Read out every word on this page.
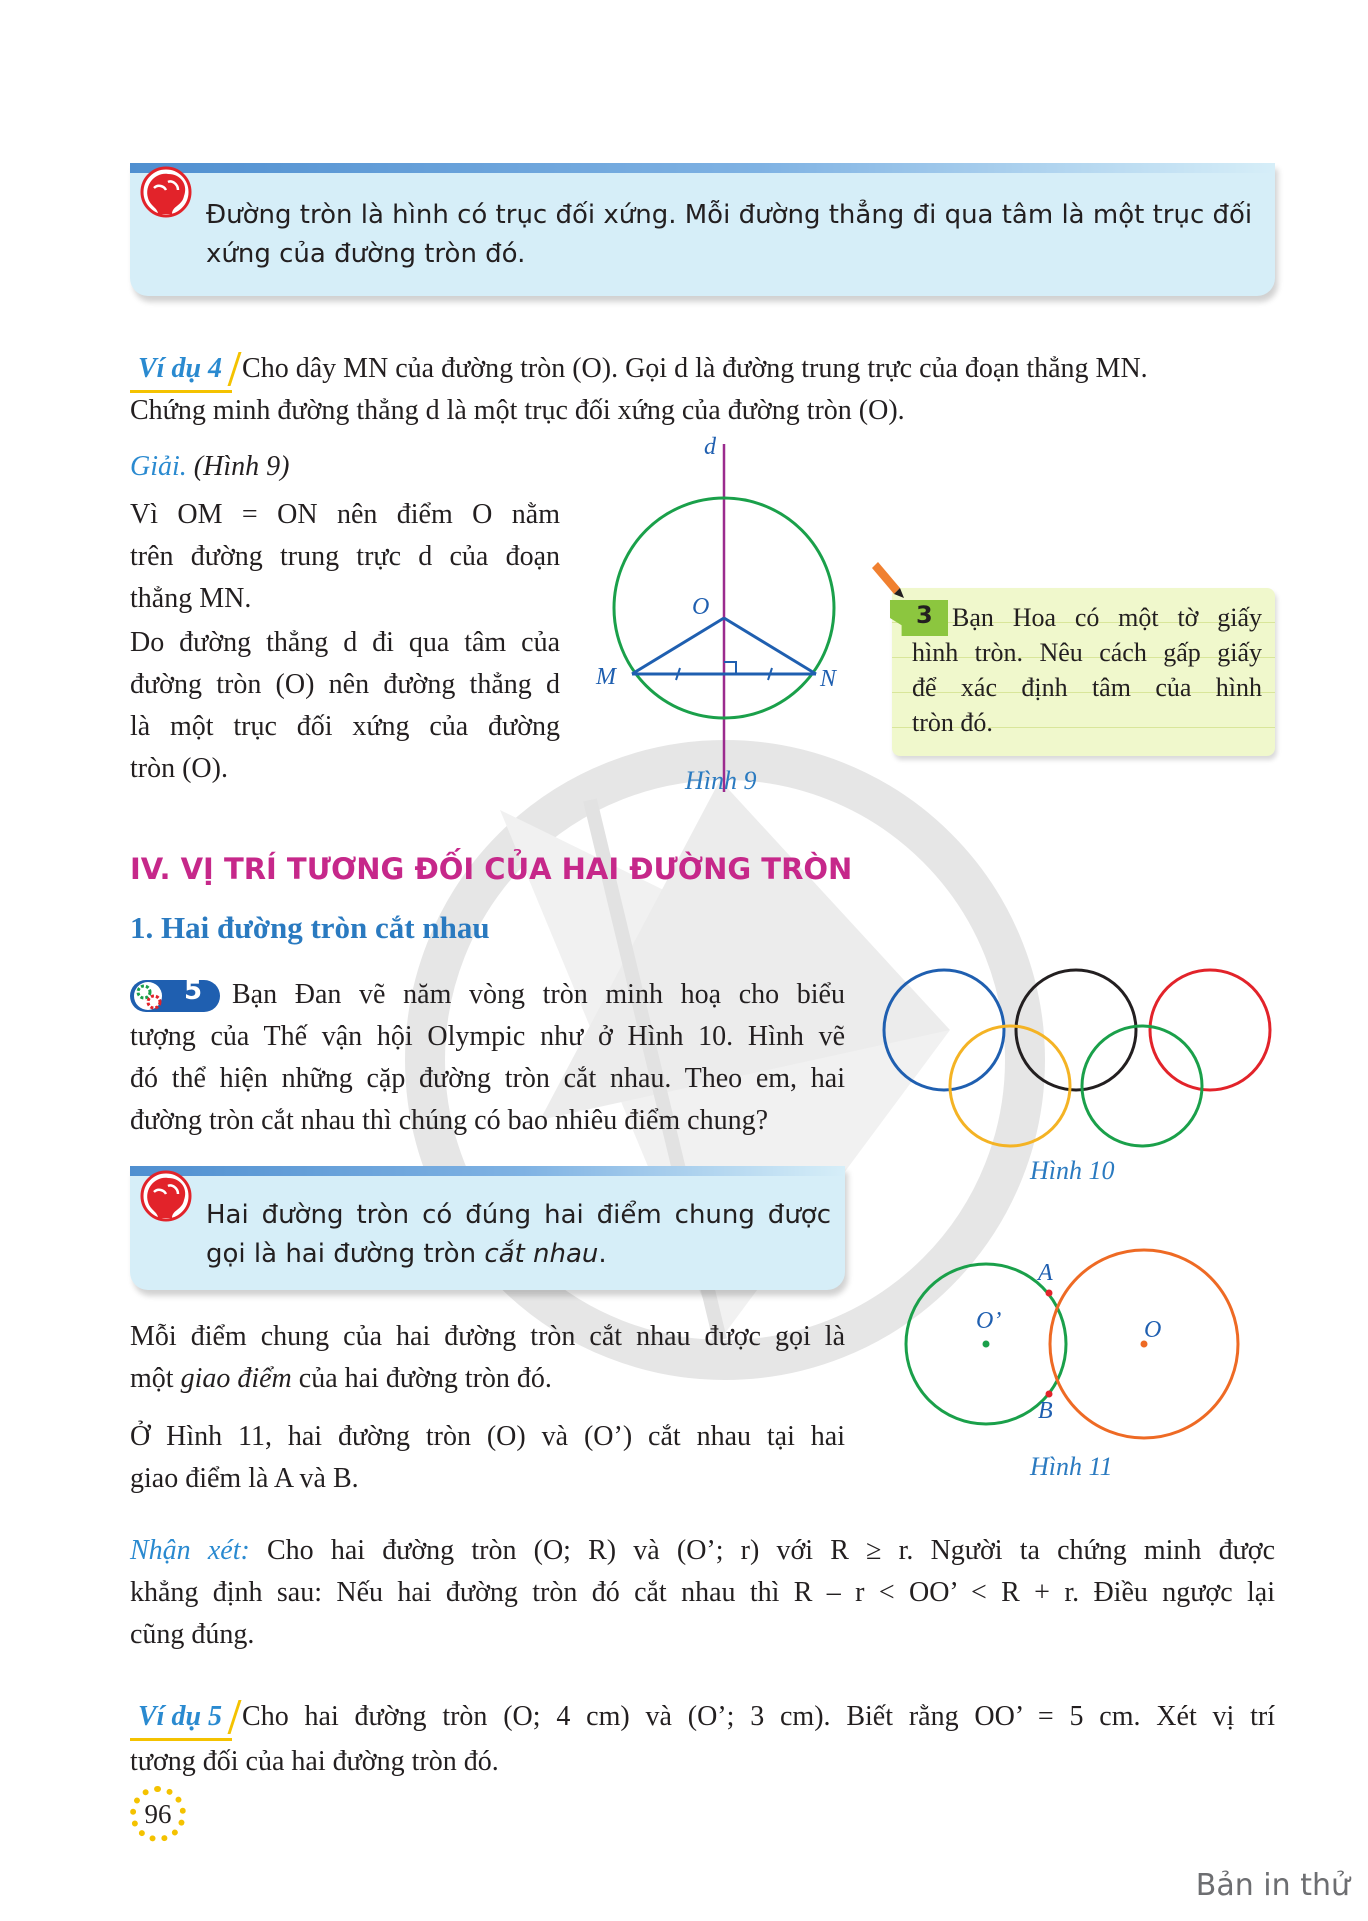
Đường tròn là hình có trục đối xứng. Mỗi đường thẳng đi qua tâm là một trục đối
xứng của đường tròn đó.
Ví dụ 4 Cho dây MN của đường tròn (O). Gọi d là đường trung trực của đoạn thẳng MN.
Chứng minh đường thẳng d là một trục đối xứng của đường tròn (O).
Giải. (Hình 9)
Vì OM = ON nên điểm O nằm
trên đường trung trực d của đoạn
thẳng MN.
Do đường thẳng d đi qua tâm của
đường tròn (O) nên đường thẳng d
là một trục đối xứng của đường
tròn (O).
d
O
M	N
Hình 9
3 Bạn Hoa có một tờ giấy
hình tròn. Nêu cách gấp giấy
để xác định tâm của hình
tròn đó.
IV. VỊ TRÍ TƯƠNG ĐỐI CỦA HAI ĐƯỜNG TRÒN
1. Hai đường tròn cắt nhau
5	Bạn Đan vẽ năm vòng tròn minh hoạ cho biểu
tượng của Thế vận hội Olympic như ở Hình 10. Hình vẽ
đó thể hiện những cặp đường tròn cắt nhau. Theo em, hai
đường tròn cắt nhau thì chúng có bao nhiêu điểm chung?
Hình 10
Hai đường tròn có đúng hai điểm chung được
gọi là hai đường tròn cắt nhau.
Mỗi điểm chung của hai đường tròn cắt nhau được gọi là
một giao điểm của hai đường tròn đó.
Ở Hình 11, hai đường tròn (O) và (O’) cắt nhau tại hai
giao điểm là A và B.
A
B
O’	O
Hình 11
Nhận xét: Cho hai đường tròn (O; R) và (O’; r) với R ≥ r. Người ta chứng minh được
khẳng định sau: Nếu hai đường tròn đó cắt nhau thì R – r < OO’ < R + r. Điều ngược lại
cũng đúng.
Ví dụ 5 Cho hai đường tròn (O; 4 cm) và (O’; 3 cm). Biết rằng OO’ = 5 cm. Xét vị trí
tương đối của hai đường tròn đó.
96
Bản in thử
